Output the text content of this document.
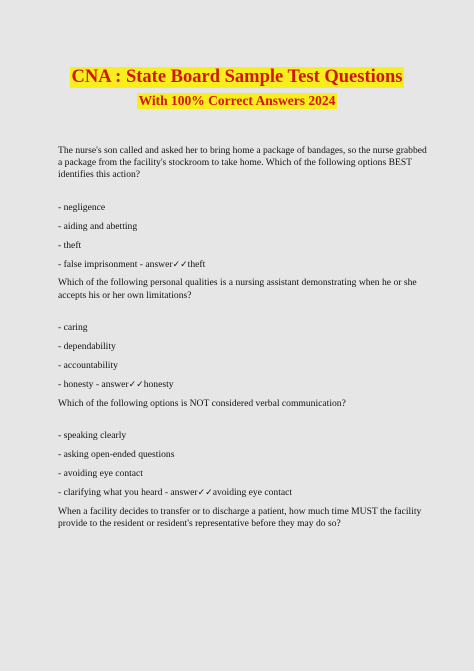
CNA : State Board Sample Test Questions
With 100% Correct Answers 2024

The nurse's son called and asked her to bring home a package of bandages, so the nurse grabbed a package from the facility's stockroom to take home. Which of the following options BEST identifies this action?

- negligence

- aiding and abetting

- theft

- false imprisonment - answer✓✓theft

Which of the following personal qualities is a nursing assistant demonstrating when he or she accepts his or her own limitations?

- caring

- dependability

- accountability

- honesty - answer✓✓honesty

Which of the following options is NOT considered verbal communication?

- speaking clearly

- asking open-ended questions

- avoiding eye contact

- clarifying what you heard - answer✓✓avoiding eye contact

When a facility decides to transfer or to discharge a patient, how much time MUST the facility provide to the resident or resident's representative before they may do so?
